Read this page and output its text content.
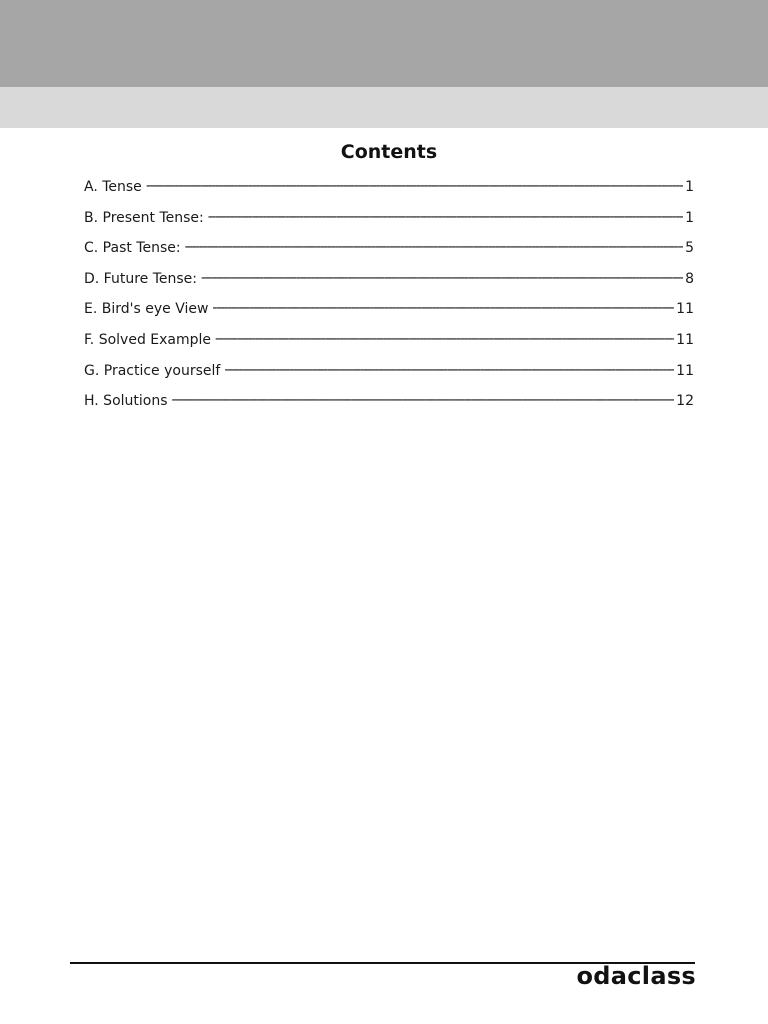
Contents
A. Tense -----	1
B. Present Tense: -----	1
C. Past Tense: -----	5
D. Future Tense: -----	8
E. Bird's eye View -----	11
F. Solved Example -----	11
G. Practice yourself -----	11
H. Solutions -----	12
odaclass
